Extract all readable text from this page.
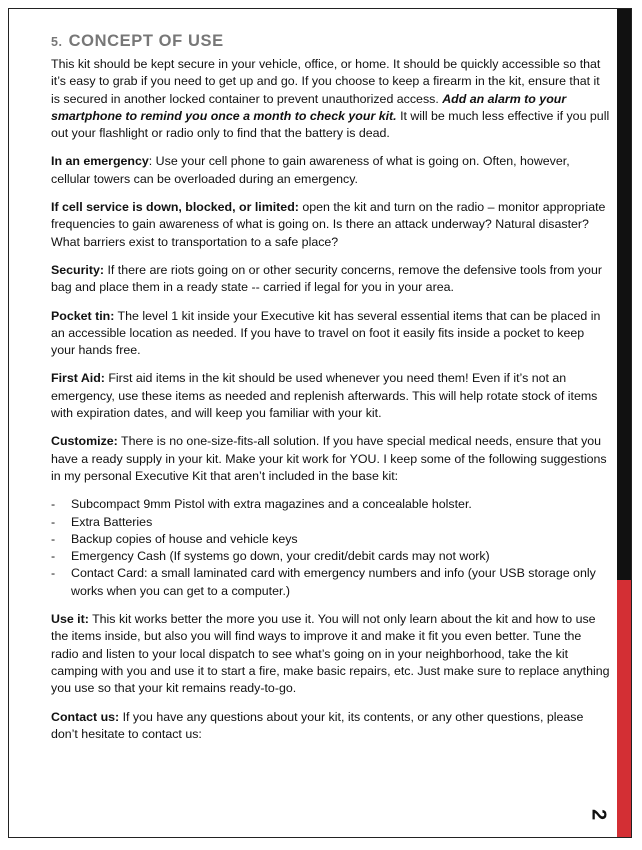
5. CONCEPT OF USE

This kit should be kept secure in your vehicle, office, or home. It should be quickly accessible so that it’s easy to grab if you need to get up and go. If you choose to keep a firearm in the kit, ensure that it is secured in another locked container to prevent unauthorized access. Add an alarm to your smartphone to remind you once a month to check your kit. It will be much less effective if you pull out your flashlight or radio only to find that the battery is dead.

In an emergency: Use your cell phone to gain awareness of what is going on. Often, however, cellular towers can be overloaded during an emergency.

If cell service is down, blocked, or limited: open the kit and turn on the radio – monitor appropriate frequencies to gain awareness of what is going on. Is there an attack underway? Natural disaster? What barriers exist to transportation to a safe place?

Security: If there are riots going on or other security concerns, remove the defensive tools from your bag and place them in a ready state -- carried if legal for you in your area.

Pocket tin: The level 1 kit inside your Executive kit has several essential items that can be placed in an accessible location as needed. If you have to travel on foot it easily fits inside a pocket to keep your hands free.

First Aid: First aid items in the kit should be used whenever you need them! Even if it’s not an emergency, use these items as needed and replenish afterwards. This will help rotate stock of items with expiration dates, and will keep you familiar with your kit.

Customize: There is no one-size-fits-all solution. If you have special medical needs, ensure that you have a ready supply in your kit. Make your kit work for YOU. I keep some of the following suggestions in my personal Executive Kit that aren’t included in the base kit:

- Subcompact 9mm Pistol with extra magazines and a concealable holster.
- Extra Batteries
- Backup copies of house and vehicle keys
- Emergency Cash (If systems go down, your credit/debit cards may not work)
- Contact Card: a small laminated card with emergency numbers and info (your USB storage only works when you can get to a computer.)

Use it: This kit works better the more you use it. You will not only learn about the kit and how to use the items inside, but also you will find ways to improve it and make it fit you even better. Tune the radio and listen to your local dispatch to see what’s going on in your neighborhood, take the kit camping with you and use it to start a fire, make basic repairs, etc. Just make sure to replace anything you use so that your kit remains ready-to-go.

Contact us: If you have any questions about your kit, its contents, or any other questions, please don’t hesitate to contact us:

2
